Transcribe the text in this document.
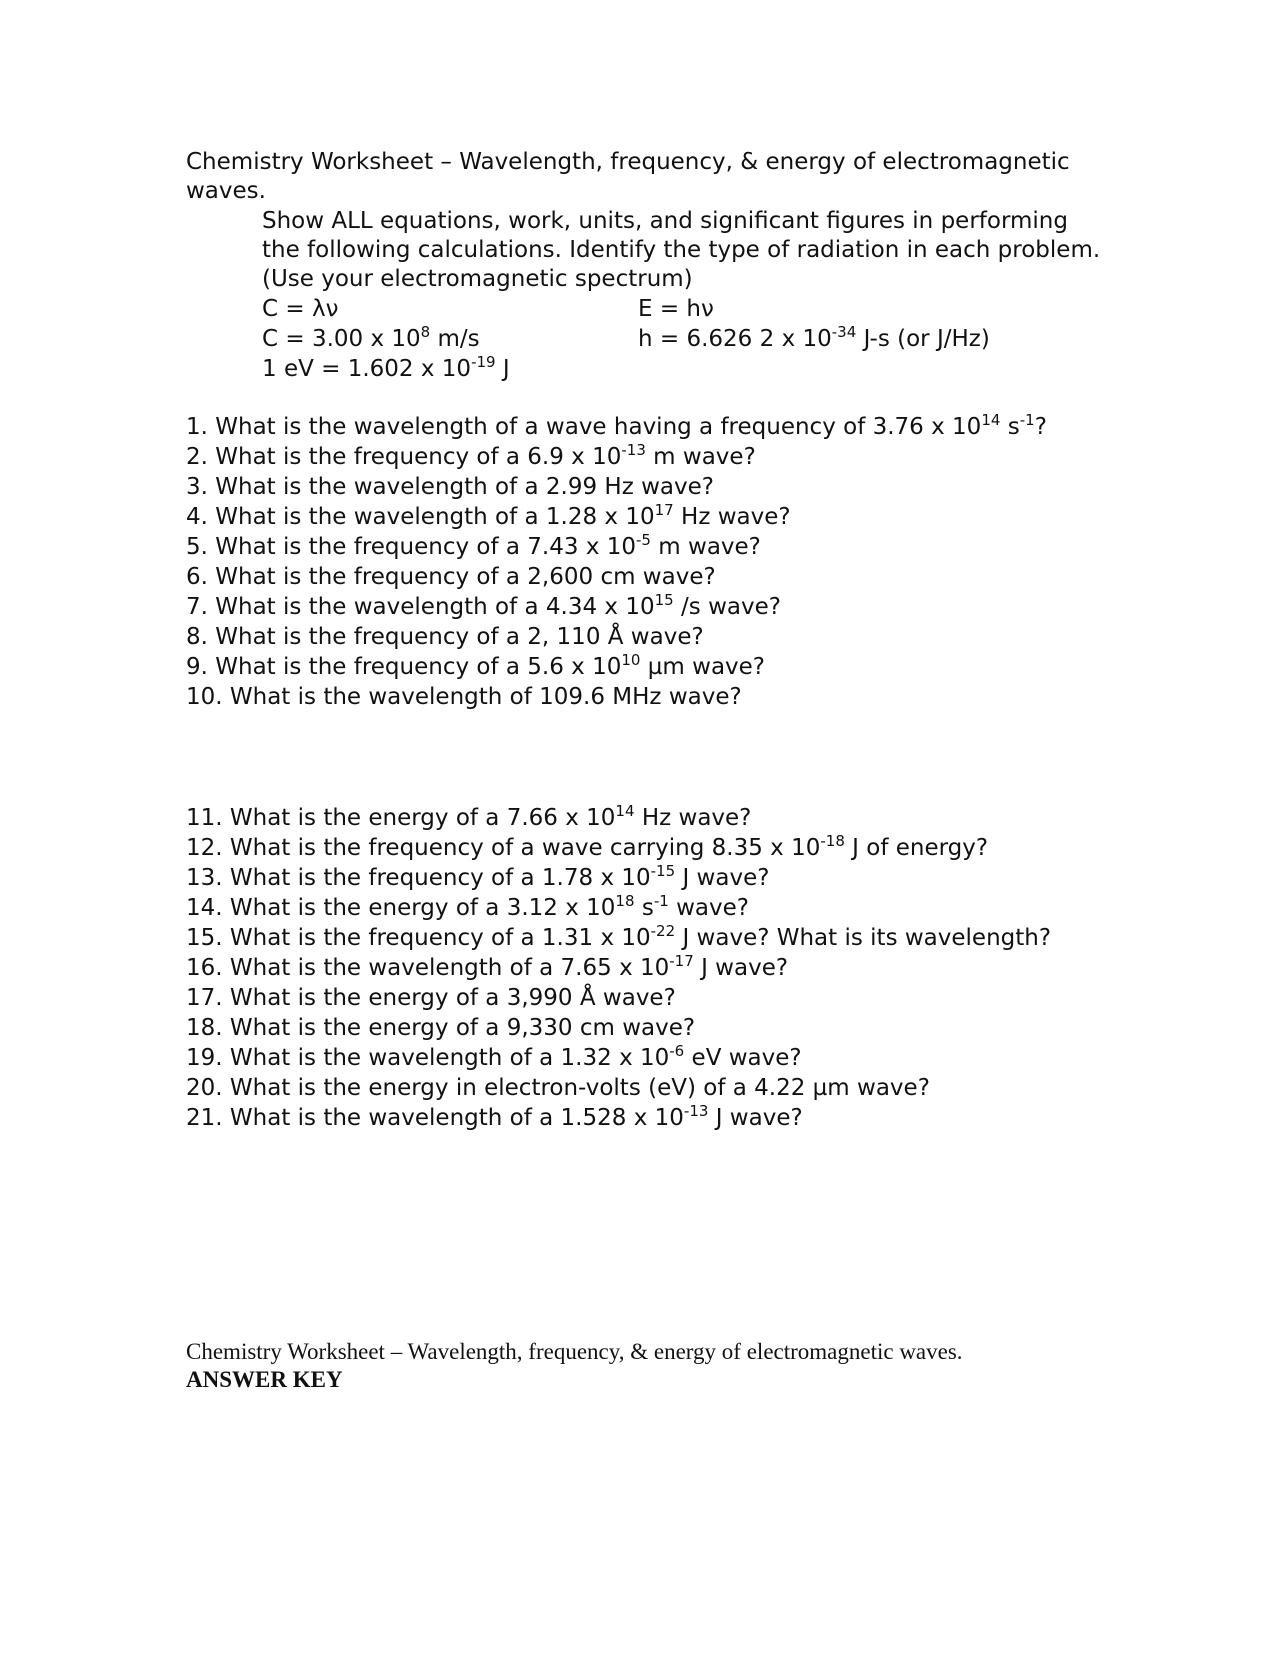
Chemistry Worksheet – Wavelength, frequency, & energy of electromagnetic waves.
Show ALL equations, work, units, and significant figures in performing the following calculations. Identify the type of radiation in each problem. (Use your electromagnetic spectrum)
C = λν	E = hν
C = 3.00 x $10^8$ m/s	h = 6.626 2 x $10^{-34}$ J-s (or J/Hz)
1 eV = 1.602 x $10^{-19}$ J
1. What is the wavelength of a wave having a frequency of 3.76 x $10^{14}$ $s^{-1}$?
2. What is the frequency of a 6.9 x $10^{-13}$ m wave?
3. What is the wavelength of a 2.99 Hz wave?
4. What is the wavelength of a 1.28 x $10^{17}$ Hz wave?
5. What is the frequency of a 7.43 x $10^{-5}$ m wave?
6. What is the frequency of a 2,600 cm wave?
7. What is the wavelength of a 4.34 x $10^{15}$ /s wave?
8. What is the frequency of a 2, 110 Å wave?
9. What is the frequency of a 5.6 x $10^{10}$ µm wave?
10. What is the wavelength of 109.6 MHz wave?
11. What is the energy of a 7.66 x $10^{14}$ Hz wave?
12. What is the frequency of a wave carrying 8.35 x $10^{-18}$ J of energy?
13. What is the frequency of a 1.78 x $10^{-15}$ J wave?
14. What is the energy of a 3.12 x $10^{18}$ $s^{-1}$ wave?
15. What is the frequency of a 1.31 x $10^{-22}$ J wave? What is its wavelength?
16. What is the wavelength of a 7.65 x $10^{-17}$ J wave?
17. What is the energy of a 3,990 Å wave?
18. What is the energy of a 9,330 cm wave?
19. What is the wavelength of a 1.32 x $10^{-6}$ eV wave?
20. What is the energy in electron-volts (eV) of a 4.22 µm wave?
21. What is the wavelength of a 1.528 x $10^{-13}$ J wave?
Chemistry Worksheet – Wavelength, frequency, & energy of electromagnetic waves.
ANSWER KEY
